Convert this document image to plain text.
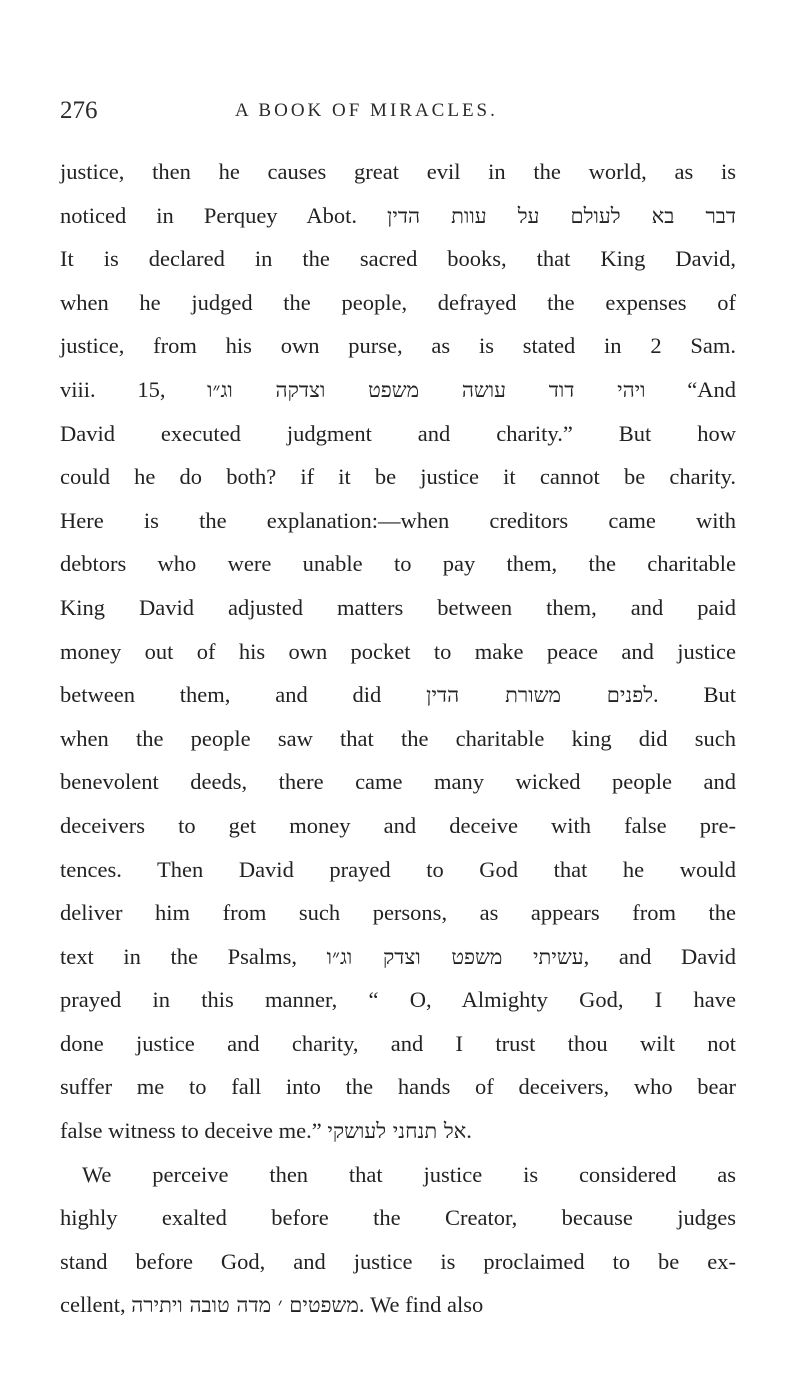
276	A BOOK OF MIRACLES.
justice, then he causes great evil in the world, as is
noticed in Perquey Abot. דבר בא לעולם על עוות הדין
It is declared in the sacred books, that King David,
when he judged the people, defrayed the expenses of
justice, from his own purse, as is stated in 2 Sam.
viii. 15, ויהי דוד עושה משפט וצדקה וג״ו “And
David executed judgment and charity.” But how
could he do both? if it be justice it cannot be charity.
Here is the explanation:—when creditors came with
debtors who were unable to pay them, the charitable
King David adjusted matters between them, and paid
money out of his own pocket to make peace and justice
between them, and did לפנים משורת הדין. But
when the people saw that the charitable king did such
benevolent deeds, there came many wicked people and
deceivers to get money and deceive with false pre-
tences. Then David prayed to God that he would
deliver him from such persons, as appears from the
text in the Psalms, עשיתי משפט וצדק וג״ו, and David
prayed in this manner, “ O, Almighty God, I have
done justice and charity, and I trust thou wilt not
suffer me to fall into the hands of deceivers, who bear
false witness to deceive me.” אל תנחני לעושקי.
We perceive then that justice is considered as
highly exalted before the Creator, because judges
stand before God, and justice is proclaimed to be ex-
cellent, משפטים ׳ מדה טובה ויתירה. We find also
